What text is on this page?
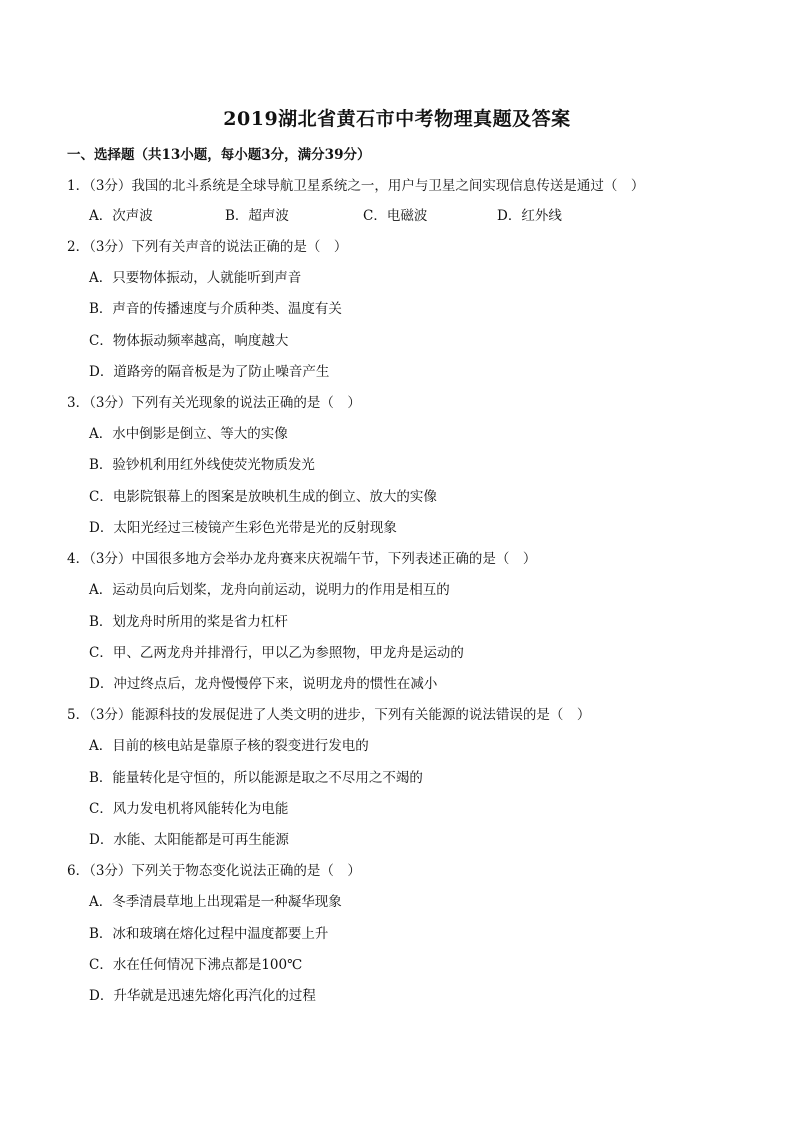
2019湖北省黄石市中考物理真题及答案
一、选择题（共13小题，每小题3分，满分39分）
1．（3分）我国的北斗系统是全球导航卫星系统之一，用户与卫星之间实现信息传送是通过（　）
A．次声波	B．超声波	C．电磁波	D．红外线
2．（3分）下列有关声音的说法正确的是（　）
A．只要物体振动，人就能听到声音
B．声音的传播速度与介质种类、温度有关
C．物体振动频率越高，响度越大
D．道路旁的隔音板是为了防止噪音产生
3．（3分）下列有关光现象的说法正确的是（　）
A．水中倒影是倒立、等大的实像
B．验钞机利用红外线使荧光物质发光
C．电影院银幕上的图案是放映机生成的倒立、放大的实像
D．太阳光经过三棱镜产生彩色光带是光的反射现象
4．（3分）中国很多地方会举办龙舟赛来庆祝端午节，下列表述正确的是（　）
A．运动员向后划桨，龙舟向前运动，说明力的作用是相互的
B．划龙舟时所用的桨是省力杠杆
C．甲、乙两龙舟并排滑行，甲以乙为参照物，甲龙舟是运动的
D．冲过终点后，龙舟慢慢停下来，说明龙舟的惯性在减小
5．（3分）能源科技的发展促进了人类文明的进步，下列有关能源的说法错误的是（　）
A．目前的核电站是靠原子核的裂变进行发电的
B．能量转化是守恒的，所以能源是取之不尽用之不竭的
C．风力发电机将风能转化为电能
D．水能、太阳能都是可再生能源
6．（3分）下列关于物态变化说法正确的是（　）
A．冬季清晨草地上出现霜是一种凝华现象
B．冰和玻璃在熔化过程中温度都要上升
C．水在任何情况下沸点都是100℃
D．升华就是迅速先熔化再汽化的过程
